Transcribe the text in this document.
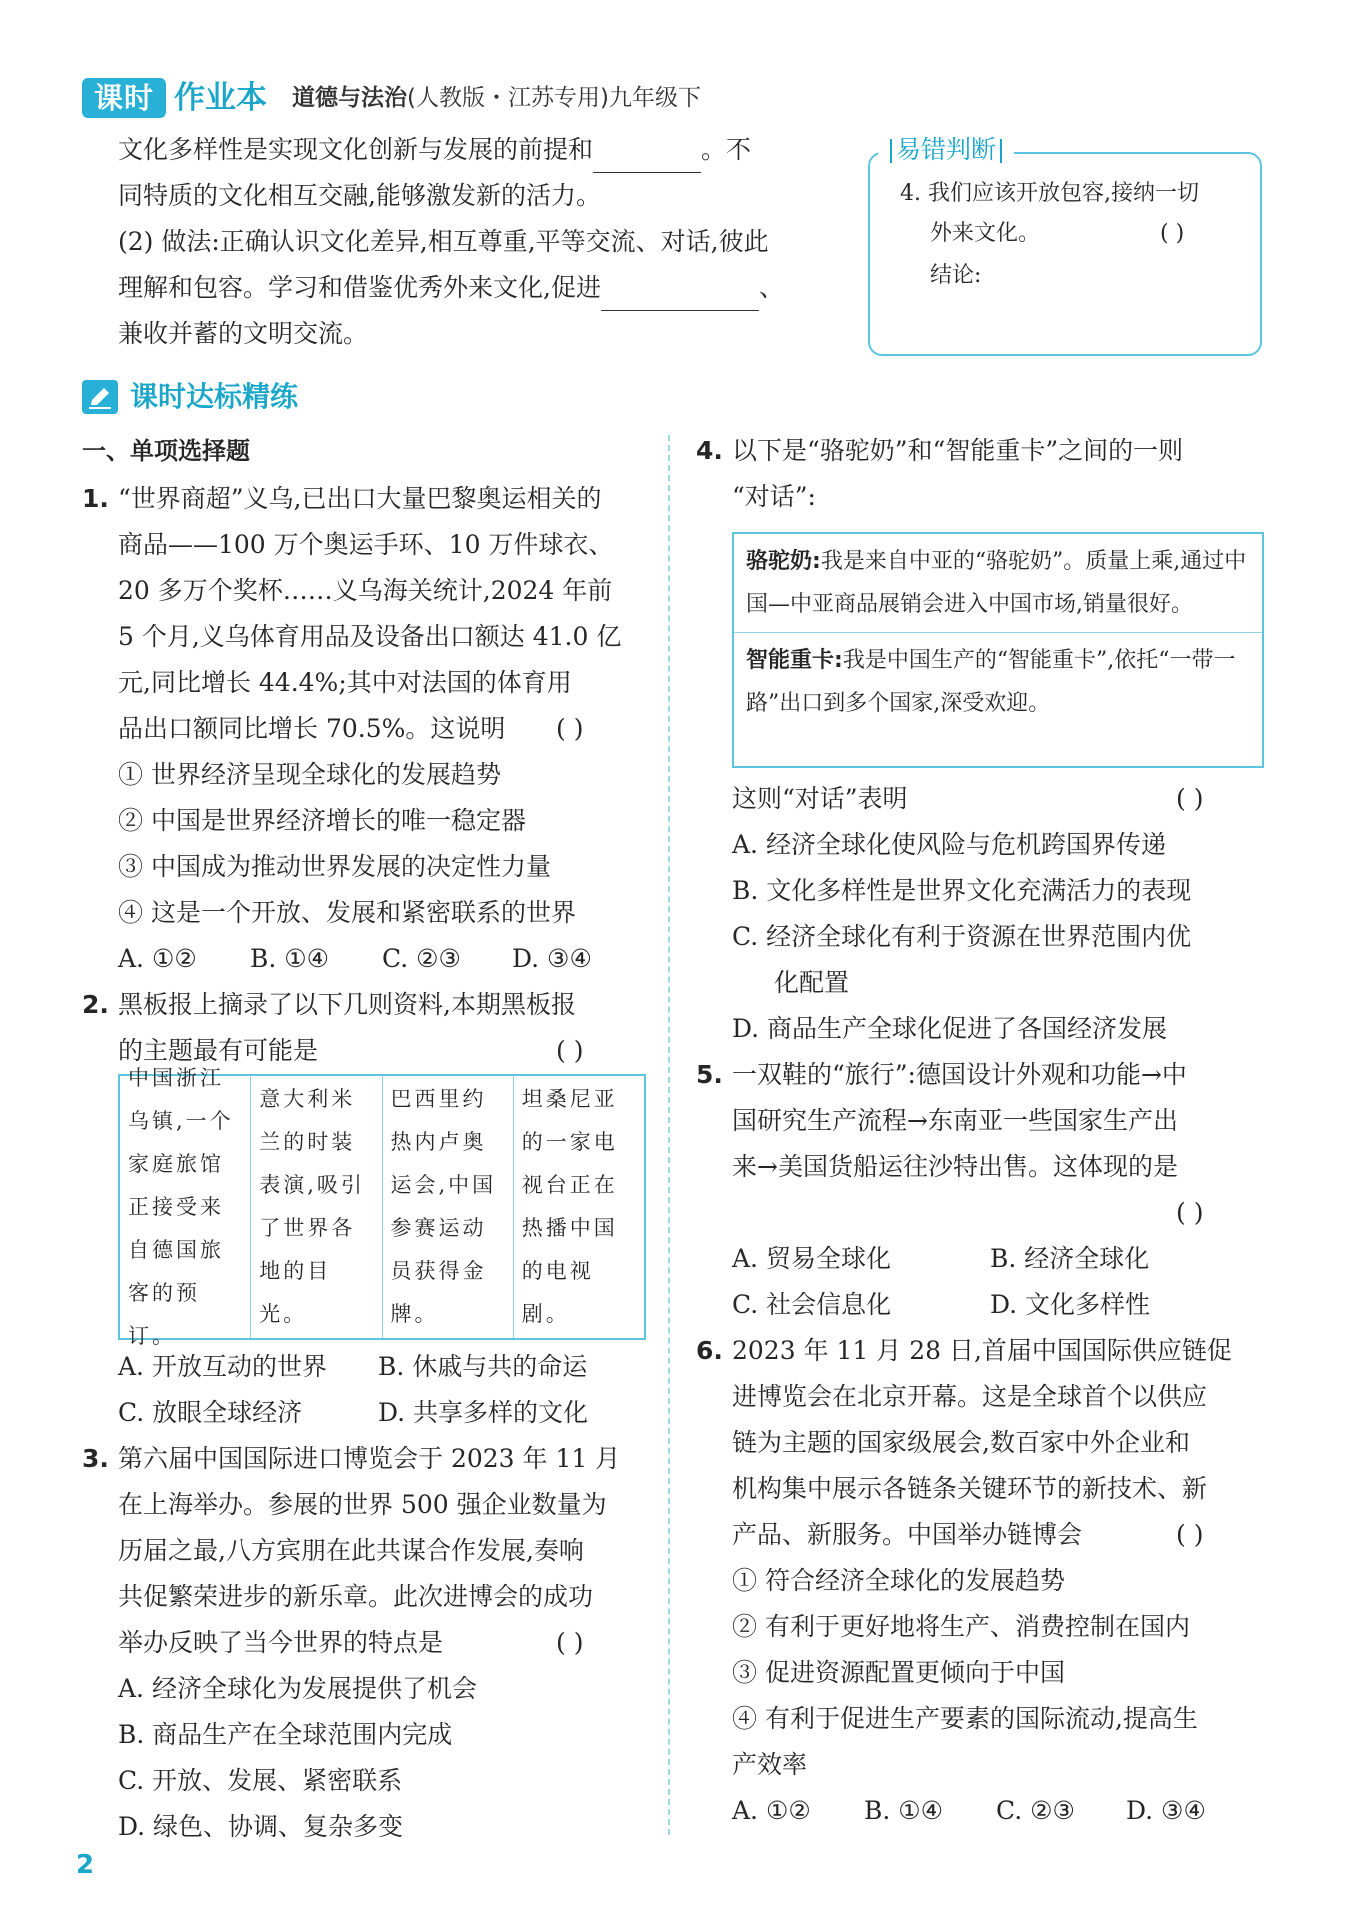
课时 作业本 道德与法治(人教版・江苏专用)九年级下
文化多样性是实现文化创新与发展的前提和	。不
同特质的文化相互交融,能够激发新的活力。
(2) 做法:正确认识文化差异,相互尊重,平等交流、对话,彼此
理解和包容。学习和借鉴优秀外来文化,促进	、
兼收并蓄的文明交流。
易错判断
4. 我们应该开放包容,接纳一切
外来文化。	( )
结论:
课时达标精练
一、单项选择题
1. “世界商超”义乌,已出口大量巴黎奥运相关的
商品——100 万个奥运手环、10 万件球衣、
20 多万个奖杯……义乌海关统计,2024 年前
5 个月,义乌体育用品及设备出口额达 41.0 亿
元,同比增长 44.4%;其中对法国的体育用
品出口额同比增长 70.5%。这说明 ( )
① 世界经济呈现全球化的发展趋势
② 中国是世界经济增长的唯一稳定器
③ 中国成为推动世界发展的决定性力量
④ 这是一个开放、发展和紧密联系的世界
A. ①② B. ①④ C. ②③ D. ③④
2. 黑板报上摘录了以下几则资料,本期黑板报
的主题最有可能是	( )
中国浙江乌镇,一个家庭旅馆正接受来自德国旅客的预订。
意大利米兰的时装表演,吸引了世界各地的目光。
巴西里约热内卢奥运会,中国参赛运动员获得金牌。
坦桑尼亚的一家电视台正在热播中国的电视剧。
A. 开放互动的世界 B. 休戚与共的命运
C. 放眼全球经济	D. 共享多样的文化
3. 第六届中国国际进口博览会于 2023 年 11 月
在上海举办。参展的世界 500 强企业数量为
历届之最,八方宾朋在此共谋合作发展,奏响
共促繁荣进步的新乐章。此次进博会的成功
举办反映了当今世界的特点是	( )
A. 经济全球化为发展提供了机会
B. 商品生产在全球范围内完成
C. 开放、发展、紧密联系
D. 绿色、协调、复杂多变
4. 以下是“骆驼奶”和“智能重卡”之间的一则
“对话”:
骆驼奶:我是来自中亚的“骆驼奶”。质量上乘,通过中国—中亚商品展销会进入中国市场,销量很好。
智能重卡:我是中国生产的“智能重卡”,依托“一带一路”出口到多个国家,深受欢迎。
这则“对话”表明	( )
A. 经济全球化使风险与危机跨国界传递
B. 文化多样性是世界文化充满活力的表现
C. 经济全球化有利于资源在世界范围内优
化配置
D. 商品生产全球化促进了各国经济发展
5. 一双鞋的“旅行”:德国设计外观和功能→中
国研究生产流程→东南亚一些国家生产出
来→美国货船运往沙特出售。这体现的是
( )
A. 贸易全球化	B. 经济全球化
C. 社会信息化	D. 文化多样性
6. 2023 年 11 月 28 日,首届中国国际供应链促
进博览会在北京开幕。这是全球首个以供应
链为主题的国家级展会,数百家中外企业和
机构集中展示各链条关键环节的新技术、新
产品、新服务。中国举办链博会	( )
① 符合经济全球化的发展趋势
② 有利于更好地将生产、消费控制在国内
③ 促进资源配置更倾向于中国
④ 有利于促进生产要素的国际流动,提高生
产效率
A. ①② B. ①④ C. ②③ D. ③④
2
